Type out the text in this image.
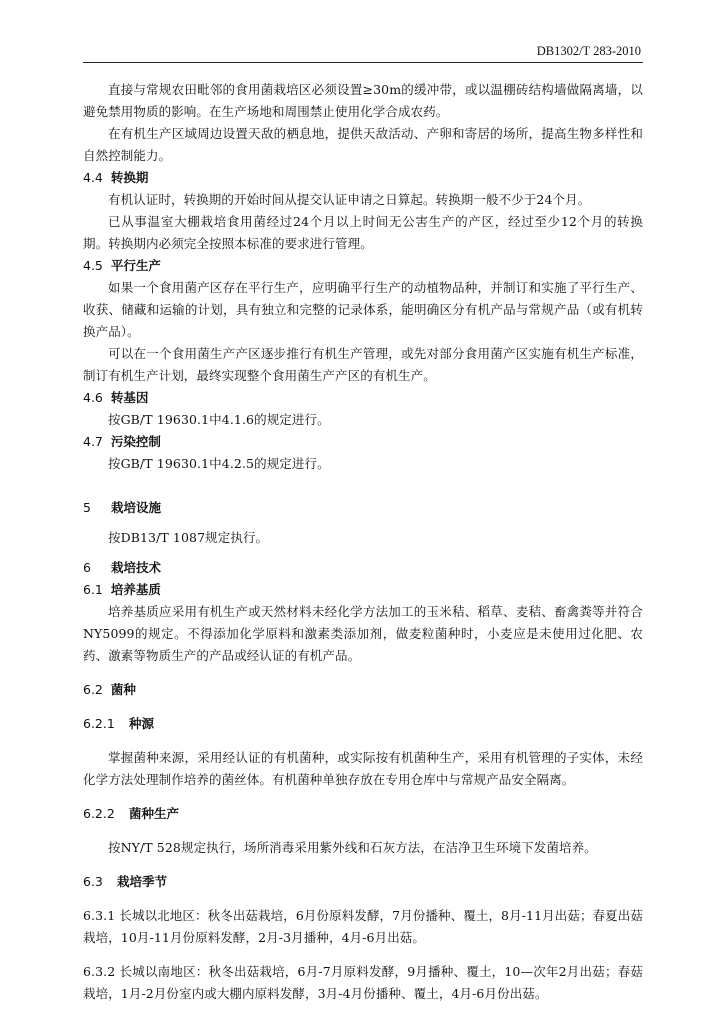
DB1302/T 283-2010

直接与常规农田毗邻的食用菌栽培区必须设置≥30m的缓冲带，或以温棚砖结构墙做隔离墙，以避免禁用物质的影响。在生产场地和周围禁止使用化学合成农药。

在有机生产区域周边设置天敌的栖息地，提供天敌活动、产卵和寄居的场所，提高生物多样性和自然控制能力。

4.4 转换期

有机认证时，转换期的开始时间从提交认证申请之日算起。转换期一般不少于24个月。

已从事温室大棚栽培食用菌经过24个月以上时间无公害生产的产区，经过至少12个月的转换期。转换期内必须完全按照本标准的要求进行管理。

4.5 平行生产

如果一个食用菌产区存在平行生产，应明确平行生产的动植物品种，并制订和实施了平行生产、收获、储藏和运输的计划，具有独立和完整的记录体系，能明确区分有机产品与常规产品（或有机转换产品）。

可以在一个食用菌生产产区逐步推行有机生产管理，或先对部分食用菌产区实施有机生产标准，制订有机生产计划，最终实现整个食用菌生产产区的有机生产。

4.6 转基因

按GB/T 19630.1中4.1.6的规定进行。

4.7 污染控制

按GB/T 19630.1中4.2.5的规定进行。

5 栽培设施

按DB13/T 1087规定执行。

6 栽培技术
6.1 培养基质

培养基质应采用有机生产或天然材料未经化学方法加工的玉米秸、稻草、麦秸、畜禽粪等并符合NY5099的规定。不得添加化学原料和激素类添加剂，做麦粒菌种时，小麦应是未使用过化肥、农药、激素等物质生产的产品或经认证的有机产品。

6.2 菌种
6.2.1 种源

掌握菌种来源，采用经认证的有机菌种，或实际按有机菌种生产，采用有机管理的子实体，未经化学方法处理制作培养的菌丝体。有机菌种单独存放在专用仓库中与常规产品安全隔离。

6.2.2 菌种生产

按NY/T 528规定执行，场所消毒采用紫外线和石灰方法，在洁净卫生环境下发菌培养。

6.3 栽培季节

6.3.1 长城以北地区：秋冬出菇栽培，6月份原料发酵，7月份播种、覆土，8月-11月出菇；春夏出菇栽培，10月-11月份原料发酵，2月-3月播种，4月-6月出菇。

6.3.2 长城以南地区：秋冬出菇栽培，6月-7月原料发酵，9月播种、覆土，10—次年2月出菇；春菇栽培，1月-2月份室内或大棚内原料发酵，3月-4月份播种、覆土，4月-6月份出菇。
